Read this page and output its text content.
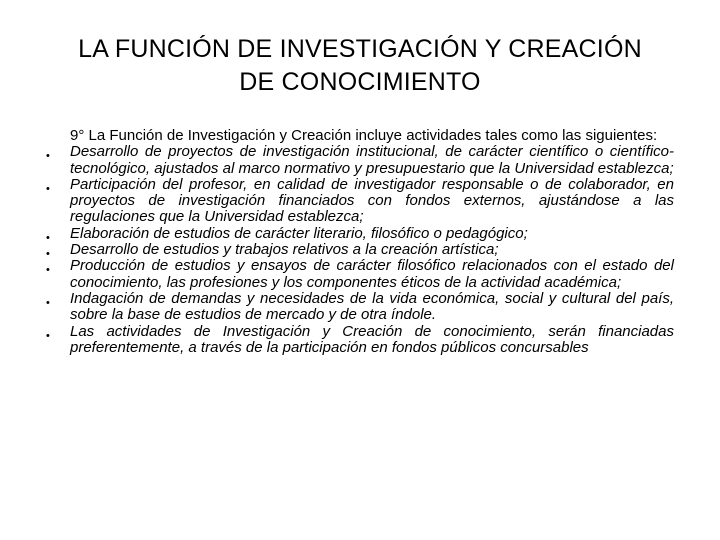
LA FUNCIÓN DE INVESTIGACIÓN Y CREACIÓN
DE CONOCIMIENTO

9° La Función de Investigación y Creación incluye actividades tales como las siguientes:

• Desarrollo de proyectos de investigación institucional, de carácter científico o científico-tecnológico, ajustados al marco normativo y presupuestario que la Universidad establezca;
• Participación del profesor, en calidad de investigador responsable o de colaborador, en proyectos de investigación financiados con fondos externos, ajustándose a las regulaciones que la Universidad establezca;
• Elaboración de estudios de carácter literario, filosófico o pedagógico;
• Desarrollo de estudios y trabajos relativos a la creación artística;
• Producción de estudios y ensayos de carácter filosófico relacionados con el estado del conocimiento, las profesiones y los componentes éticos de la actividad académica;
• Indagación de demandas y necesidades de la vida económica, social y cultural del país, sobre la base de estudios de mercado y de otra índole.
• Las actividades de Investigación y Creación de conocimiento, serán financiadas preferentemente, a través de la participación en fondos públicos concursables
